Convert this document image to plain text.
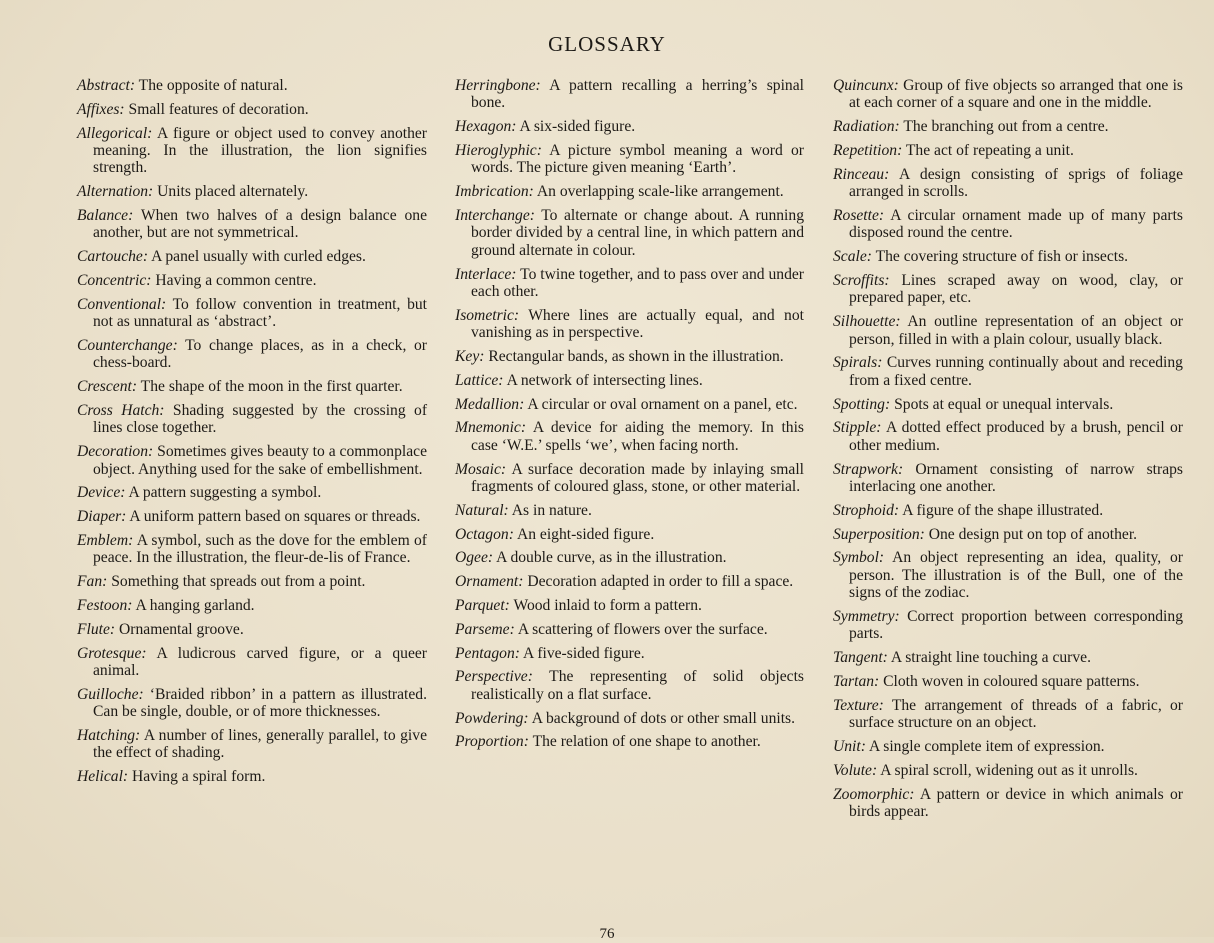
GLOSSARY

Abstract: The opposite of natural.

Affixes: Small features of decoration.

Allegorical: A figure or object used to convey another meaning. In the illustration, the lion signifies strength.

Alternation: Units placed alternately.

Balance: When two halves of a design balance one another, but are not symmetrical.

Cartouche: A panel usually with curled edges.

Concentric: Having a common centre.

Conventional: To follow convention in treatment, but not as unnatural as ‘abstract’.

Counterchange: To change places, as in a check, or chess-board.

Crescent: The shape of the moon in the first quarter.

Cross Hatch: Shading suggested by the crossing of lines close together.

Decoration: Sometimes gives beauty to a commonplace object. Anything used for the sake of embellishment.

Device: A pattern suggesting a symbol.

Diaper: A uniform pattern based on squares or threads.

Emblem: A symbol, such as the dove for the emblem of peace. In the illustration, the fleur-de-lis of France.

Fan: Something that spreads out from a point.

Festoon: A hanging garland.

Flute: Ornamental groove.

Grotesque: A ludicrous carved figure, or a queer animal.

Guilloche: ‘Braided ribbon’ in a pattern as illustrated. Can be single, double, or of more thicknesses.

Hatching: A number of lines, generally parallel, to give the effect of shading.

Helical: Having a spiral form.

Herringbone: A pattern recalling a herring’s spinal bone.

Hexagon: A six-sided figure.

Hieroglyphic: A picture symbol meaning a word or words. The picture given meaning ‘Earth’.

Imbrication: An overlapping scale-like arrangement.

Interchange: To alternate or change about. A running border divided by a central line, in which pattern and ground alternate in colour.

Interlace: To twine together, and to pass over and under each other.

Isometric: Where lines are actually equal, and not vanishing as in perspective.

Key: Rectangular bands, as shown in the illustration.

Lattice: A network of intersecting lines.

Medallion: A circular or oval ornament on a panel, etc.

Mnemonic: A device for aiding the memory. In this case ‘W.E.’ spells ‘we’, when facing north.

Mosaic: A surface decoration made by inlaying small fragments of coloured glass, stone, or other material.

Natural: As in nature.

Octagon: An eight-sided figure.

Ogee: A double curve, as in the illustration.

Ornament: Decoration adapted in order to fill a space.

Parquet: Wood inlaid to form a pattern.

Parseme: A scattering of flowers over the surface.

Pentagon: A five-sided figure.

Perspective: The representing of solid objects realistically on a flat surface.

Powdering: A background of dots or other small units.

Proportion: The relation of one shape to another.

Quincunx: Group of five objects so arranged that one is at each corner of a square and one in the middle.

Radiation: The branching out from a centre.

Repetition: The act of repeating a unit.

Rinceau: A design consisting of sprigs of foliage arranged in scrolls.

Rosette: A circular ornament made up of many parts disposed round the centre.

Scale: The covering structure of fish or insects.

Scroffits: Lines scraped away on wood, clay, or prepared paper, etc.

Silhouette: An outline representation of an object or person, filled in with a plain colour, usually black.

Spirals: Curves running continually about and receding from a fixed centre.

Spotting: Spots at equal or unequal intervals.

Stipple: A dotted effect produced by a brush, pencil or other medium.

Strapwork: Ornament consisting of narrow straps interlacing one another.

Strophoid: A figure of the shape illustrated.

Superposition: One design put on top of another.

Symbol: An object representing an idea, quality, or person. The illustration is of the Bull, one of the signs of the zodiac.

Symmetry: Correct proportion between corresponding parts.

Tangent: A straight line touching a curve.

Tartan: Cloth woven in coloured square patterns.

Texture: The arrangement of threads of a fabric, or surface structure on an object.

Unit: A single complete item of expression.

Volute: A spiral scroll, widening out as it unrolls.

Zoomorphic: A pattern or device in which animals or birds appear.

76
